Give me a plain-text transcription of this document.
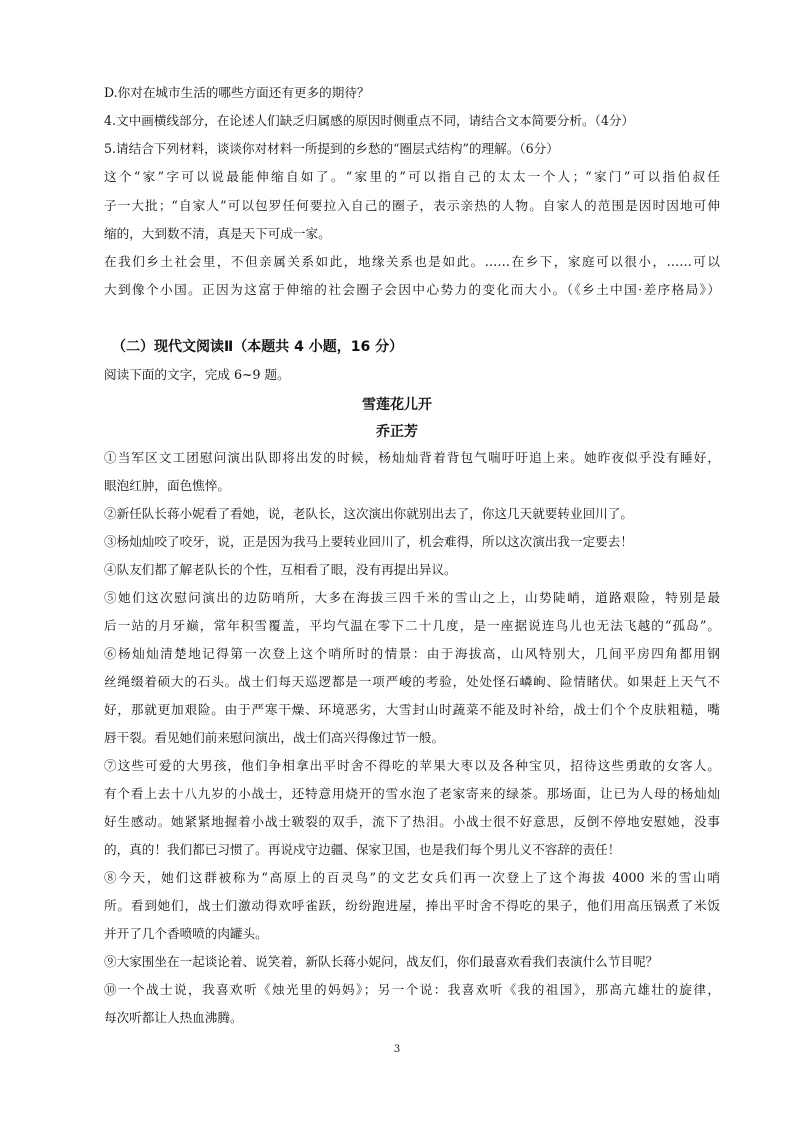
D.你对在城市生活的哪些方面还有更多的期待？
4.文中画横线部分，在论述人们缺乏归属感的原因时侧重点不同，请结合文本简要分析。（4分）
5.请结合下列材料，谈谈你对材料一所提到的乡愁的“圈层式结构”的理解。（6分）
这个“家”字可以说最能伸缩自如了。“家里的”可以指自己的太太一个人；“家门”可以指伯叔任
子一大批；“自家人”可以包罗任何要拉入自己的圈子，表示亲热的人物。自家人的范围是因时因地可伸
缩的，大到数不清，真是天下可成一家。
在我们乡土社会里，不但亲属关系如此，地缘关系也是如此。……在乡下，家庭可以很小，……可以
大到像个小国。正因为这富于伸缩的社会圈子会因中心势力的变化而大小。（《乡土中国·差序格局》）
（二）现代文阅读Ⅱ（本题共 4 小题，16 分）
阅读下面的文字，完成 6~9 题。
雪莲花儿开
乔正芳
①当军区文工团慰问演出队即将出发的时候，杨灿灿背着背包气喘吁吁追上来。她昨夜似乎没有睡好，
眼泡红肿，面色憔悴。
②新任队长蒋小妮看了看她，说，老队长，这次演出你就别出去了，你这几天就要转业回川了。
③杨灿灿咬了咬牙，说，正是因为我马上要转业回川了，机会难得，所以这次演出我一定要去！
④队友们都了解老队长的个性，互相看了眼，没有再提出异议。
⑤她们这次慰问演出的边防哨所，大多在海拔三四千米的雪山之上，山势陡峭，道路艰险，特别是最
后一站的月牙巅，常年积雪覆盖，平均气温在零下二十几度，是一座据说连鸟儿也无法飞越的“孤岛”。
⑥杨灿灿清楚地记得第一次登上这个哨所时的情景：由于海拔高，山风特别大，几间平房四角都用钢
丝绳缀着硕大的石头。战士们每天巡逻都是一项严峻的考验，处处怪石嶙峋、险情睹伏。如果赶上天气不
好，那就更加艰险。由于严寒干燥、环境恶劣，大雪封山时蔬菜不能及时补给，战士们个个皮肤粗糙，嘴
唇干裂。看见她们前来慰问演出，战士们高兴得像过节一般。
⑦这些可爱的大男孩，他们争相拿出平时舍不得吃的苹果大枣以及各种宝贝，招待这些勇敢的女客人。
有个看上去十八九岁的小战士，还特意用烧开的雪水泡了老家寄来的绿茶。那场面，让已为人母的杨灿灿
好生感动。她紧紧地握着小战士皲裂的双手，流下了热泪。小战士很不好意思，反倒不停地安慰她，没事
的，真的！我们都已习惯了。再说戍守边疆、保家卫国，也是我们每个男儿义不容辞的责任！
⑧今天，她们这群被称为“高原上的百灵鸟”的文艺女兵们再一次登上了这个海拔 4000 米的雪山哨
所。看到她们，战士们激动得欢呼雀跃，纷纷跑进屋，捧出平时舍不得吃的果子，他们用高压锅煮了米饭
并开了几个香喷喷的肉罐头。
⑨大家围坐在一起谈论着、说笑着，新队长蒋小妮问，战友们，你们最喜欢看我们表演什么节目呢？
⑩一个战士说，我喜欢听《烛光里的妈妈》；另一个说：我喜欢听《我的祖国》，那高亢雄壮的旋律，
每次听都让人热血沸腾。
3
